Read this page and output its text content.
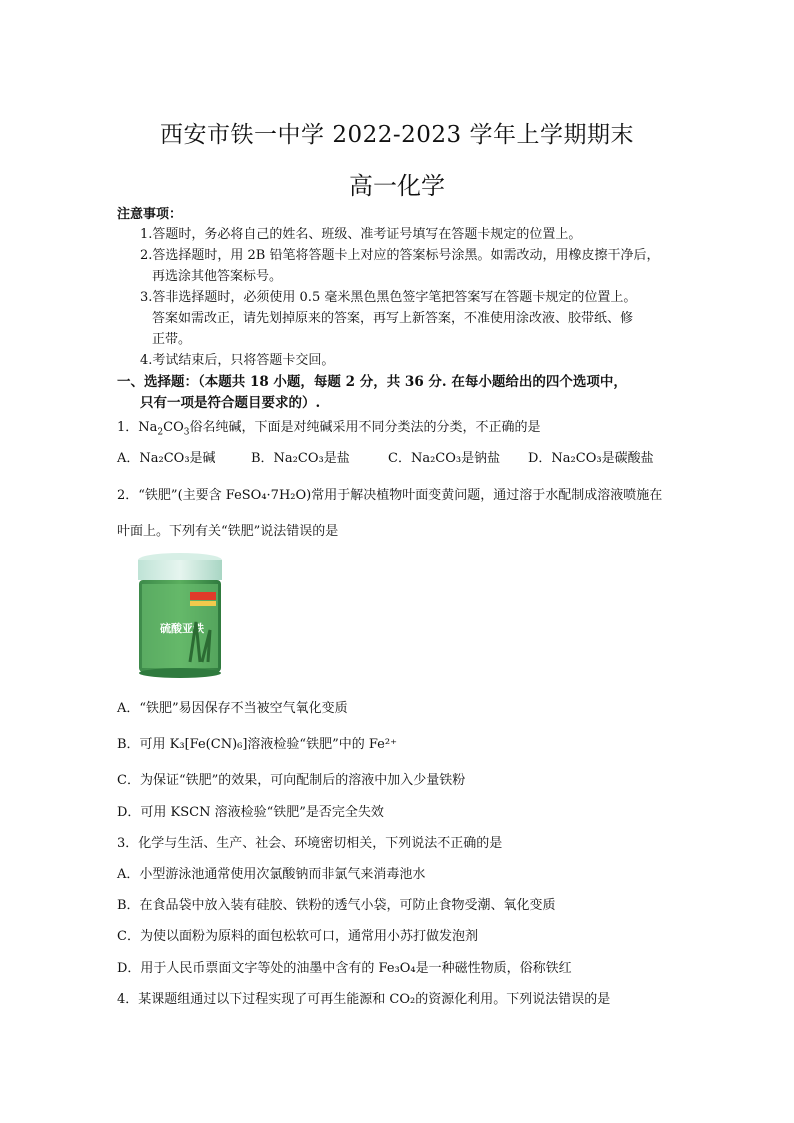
西安市铁一中学 2022-2023 学年上学期期末
高一化学
注意事项：
1.答题时，务必将自己的姓名、班级、准考证号填写在答题卡规定的位置上。
2.答选择题时，用 2B 铅笔将答题卡上对应的答案标号涂黑。如需改动，用橡皮擦干净后，
再选涂其他答案标号。
3.答非选择题时，必须使用 0.5 毫米黑色黑色签字笔把答案写在答题卡规定的位置上。
答案如需改正，请先划掉原来的答案，再写上新答案，不准使用涂改液、胶带纸、修
正带。
4.考试结束后，只将答题卡交回。
一、选择题：（本题共 18 小题，每题 2 分，共 36 分. 在每小题给出的四个选项中，
只有一项是符合题目要求的）.
1．$Na_2CO_3$俗名纯碱，下面是对纯碱采用不同分类法的分类，不正确的是
A．Na₂CO₃是碱	B．Na₂CO₃是盐	C．Na₂CO₃是钠盐 D．Na₂CO₃是碳酸盐
2．“铁肥”(主要含 FeSO₄·7H₂O)常用于解决植物叶面变黄问题，通过溶于水配制成溶液喷施在
叶面上。下列有关“铁肥”说法错误的是
硫酸亚铁
A．“铁肥”易因保存不当被空气氧化变质
B．可用 K₃[Fe(CN)₆]溶液检验“铁肥”中的 Fe²⁺
C．为保证“铁肥”的效果，可向配制后的溶液中加入少量铁粉
D．可用 KSCN 溶液检验“铁肥”是否完全失效
3．化学与生活、生产、社会、环境密切相关，下列说法不正确的是
A．小型游泳池通常使用次氯酸钠而非氯气来消毒池水
B．在食品袋中放入装有硅胶、铁粉的透气小袋，可防止食物受潮、氧化变质
C．为使以面粉为原料的面包松软可口，通常用小苏打做发泡剂
D．用于人民币票面文字等处的油墨中含有的 Fe₃O₄是一种磁性物质，俗称铁红
4．某课题组通过以下过程实现了可再生能源和 CO₂的资源化利用。下列说法错误的是
